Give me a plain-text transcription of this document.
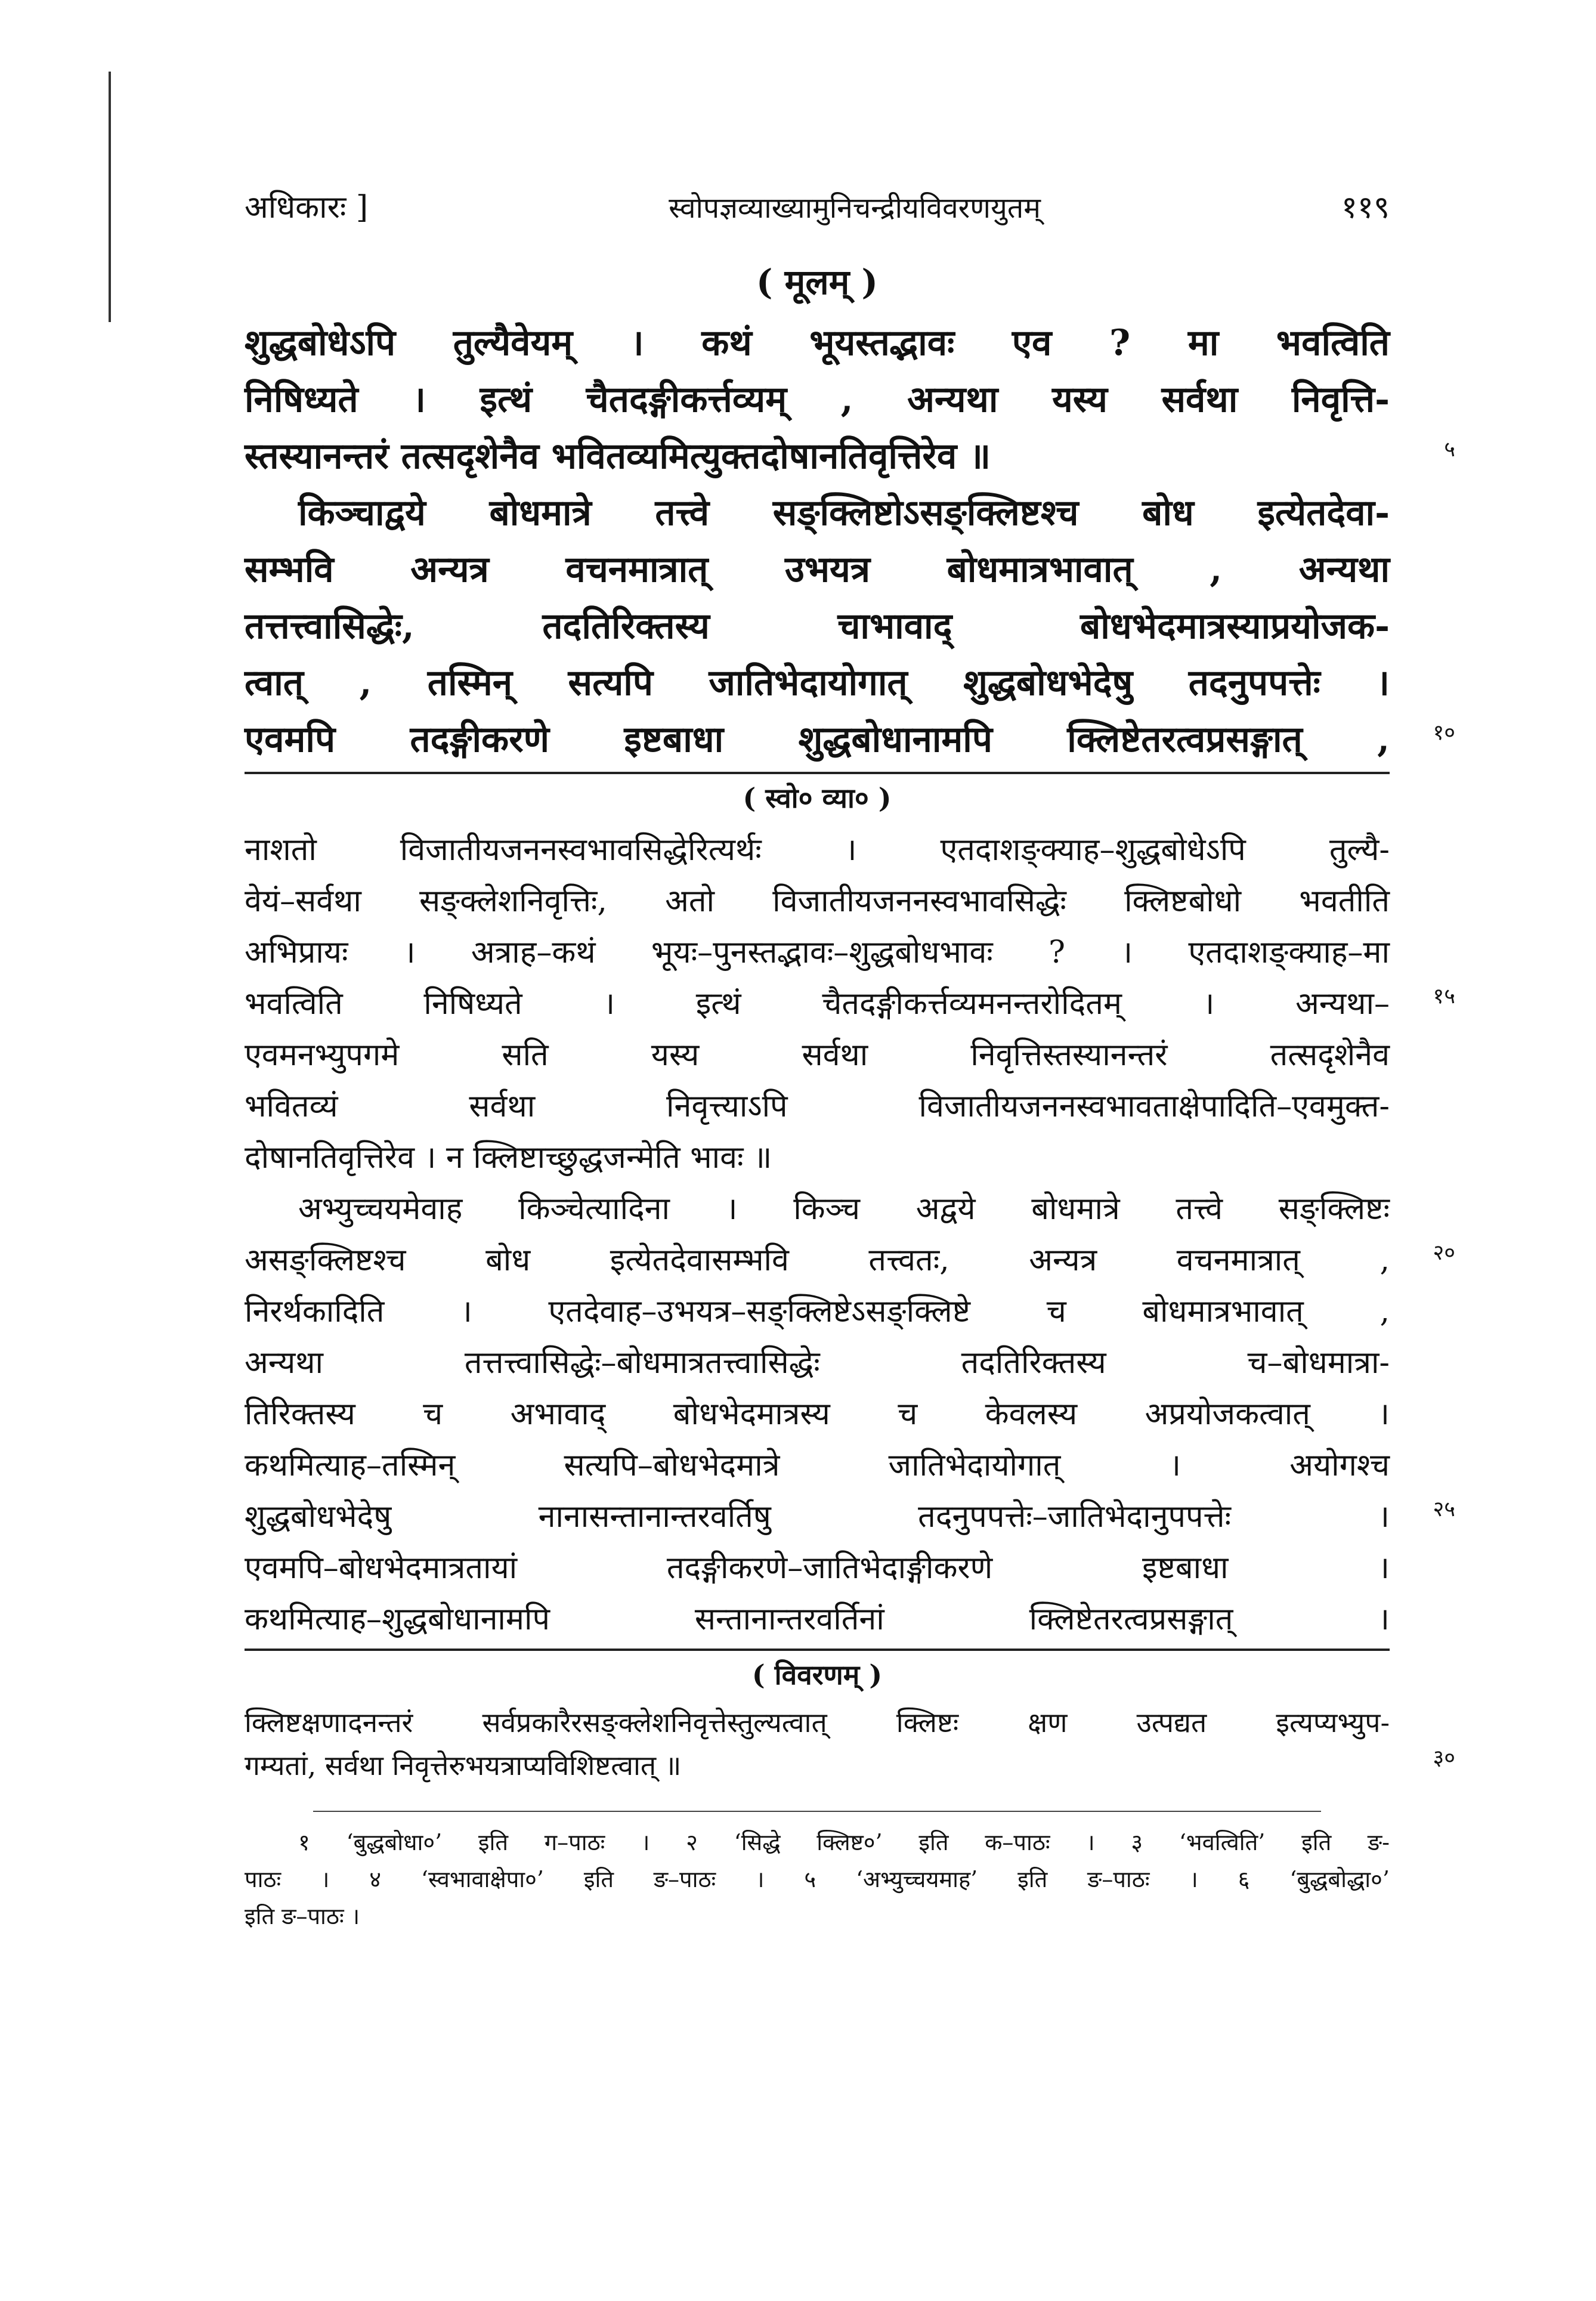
अधिकारः ]	स्वोपज्ञव्याख्यामुनिचन्द्रीयविवरणयुतम्	११९
( मूलम् )
शुद्धबोधेऽपि तुल्यैवेयम् । कथं भूयस्तद्भावः एव ? मा भवत्विति
निषिध्यते । इत्थं चैतदङ्गीकर्त्तव्यम् , अन्यथा यस्य सर्वथा निवृत्ति-
स्तस्यानन्तरं तत्सदृशेनैव भवितव्यमित्युक्तदोषानतिवृत्तिरेव ॥	५
किञ्चाद्वये बोधमात्रे तत्त्वे सङ्क्लिष्टोऽसङ्क्लिष्टश्च बोध इत्येतदेवा-
सम्भवि अन्यत्र वचनमात्रात् उभयत्र बोधमात्रभावात् , अन्यथा
तत्तत्त्वासिद्धेः, तदतिरिक्तस्य चाभावाद् बोधभेदमात्रस्याप्रयोजक-
त्वात् , तस्मिन् सत्यपि जातिभेदायोगात् शुद्धबोधभेदेषु तदनुपपत्तेः ।
एवमपि तदङ्गीकरणे इष्टबाधा शुद्धबोधानामपि क्लिष्टेतरत्वप्रसङ्गात् , १०
( स्वो० व्या० )
नाशतो विजातीयजननस्वभावसिद्धेरित्यर्थः । एतदाशङ्क्याह–शुद्धबोधेऽपि तुल्यै-
वेयं–सर्वथा सङ्क्लेशनिवृत्तिः, अतो विजातीयजननस्वभावसिद्धेः क्लिष्टबोधो भवतीति
अभिप्रायः । अत्राह–कथं भूयः–पुनस्तद्भावः–शुद्धबोधभावः ? । एतदाशङ्क्याह–मा
भवत्विति निषिध्यते । इत्थं चैतदङ्गीकर्त्तव्यमनन्तरोदितम् । अन्यथा– १५
एवमनभ्युपगमे सति यस्य सर्वथा निवृत्तिस्तस्यानन्तरं तत्सदृशेनैव
भवितव्यं सर्वथा निवृत्त्याऽपि विजातीयजननस्वभावताक्षेपादिति–एवमुक्त-
दोषानतिवृत्तिरेव । न क्लिष्टाच्छुद्धजन्मेति भावः ॥
अभ्युच्चयमेवाह किञ्चेत्यादिना । किञ्च अद्वये बोधमात्रे तत्त्वे सङ्क्लिष्टः
असङ्क्लिष्टश्च बोध इत्येतदेवासम्भवि तत्त्वतः, अन्यत्र वचनमात्रात् , २०
निरर्थकादिति । एतदेवाह–उभयत्र–सङ्क्लिष्टेऽसङ्क्लिष्टे च बोधमात्रभावात् ,
अन्यथा तत्तत्त्वासिद्धेः–बोधमात्रतत्त्वासिद्धेः तदतिरिक्तस्य च–बोधमात्रा-
तिरिक्तस्य च अभावाद् बोधभेदमात्रस्य च केवलस्य अप्रयोजकत्वात् ।
कथमित्याह–तस्मिन् सत्यपि–बोधभेदमात्रे जातिभेदायोगात् । अयोगश्च
शुद्धबोधभेदेषु नानासन्तानान्तरवर्तिषु तदनुपपत्तेः–जातिभेदानुपपत्तेः । २५
एवमपि–बोधभेदमात्रतायां तदङ्गीकरणे–जातिभेदाङ्गीकरणे इष्टबाधा ।
कथमित्याह–शुद्धबोधानामपि सन्तानान्तरवर्तिनां क्लिष्टेतरत्वप्रसङ्गात् ।
( विवरणम् )
क्लिष्टक्षणादनन्तरं सर्वप्रकारैरसङ्क्लेशनिवृत्तेस्तुल्यत्वात् क्लिष्टः क्षण उत्पद्यत इत्यप्यभ्युप-
गम्यतां, सर्वथा निवृत्तेरुभयत्राप्यविशिष्टत्वात् ॥	३०
१ ‘बुद्धबोधा०’ इति ग–पाठः । २ ‘सिद्धे क्लिष्ट०’ इति क–पाठः । ३ ‘भवत्विति’ इति ङ-
पाठः । ४ ‘स्वभावाक्षेपा०’ इति ङ–पाठः । ५ ‘अभ्युच्चयमाह’ इति ङ–पाठः । ६ ‘बुद्धबोद्धा०’
इति ङ–पाठः ।
